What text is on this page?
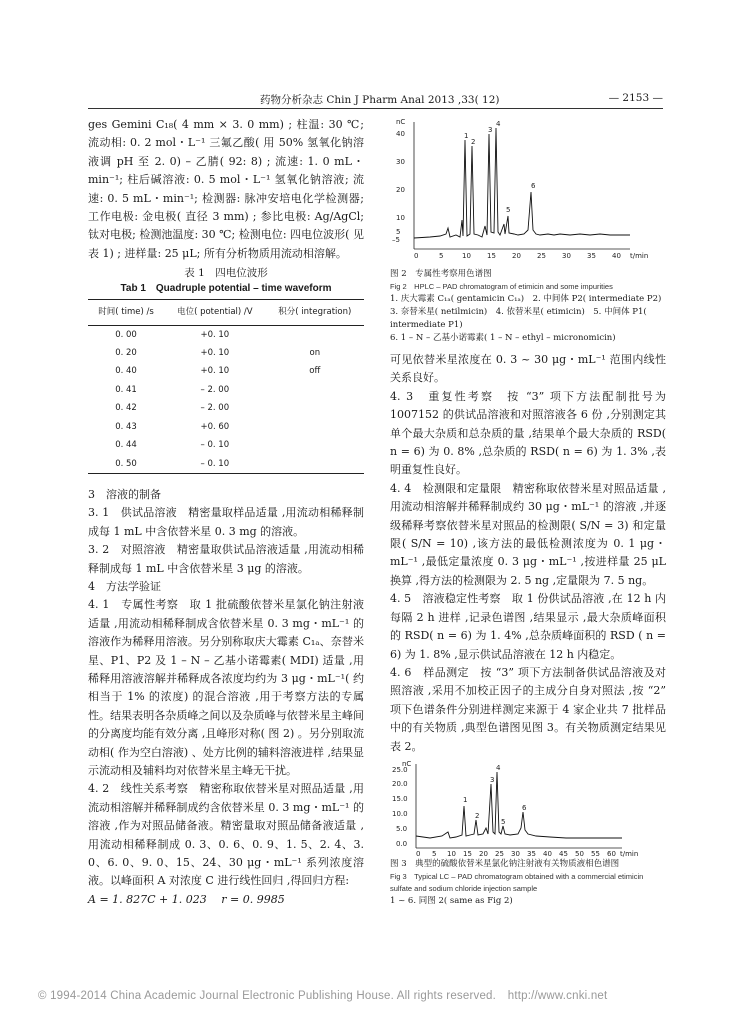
药物分析杂志 Chin J Pharm Anal 2013 ,33( 12)	— 2153 —

ges Gemini C₁₈( 4 mm × 3. 0 mm) ; 柱温: 30 ℃; 流动相: 0. 2 mol・L⁻¹ 三氟乙酸( 用 50% 氢氧化钠溶液调 pH 至 2. 0) – 乙腈( 92: 8) ; 流速: 1. 0 mL・min⁻¹; 柱后碱溶液: 0. 5 mol・L⁻¹ 氢氧化钠溶液; 流速: 0. 5 mL・min⁻¹; 检测器: 脉冲安培电化学检测器; 工作电极: 金电极( 直径 3 mm) ; 参比电极: Ag/AgCl; 钛对电极; 检测池温度: 30 ℃; 检测电位: 四电位波形( 见表 1) ; 进样量: 25 μL; 所有分析物质用流动相溶解。

表 1　四电位波形
Tab 1　Quadruple potential – time waveform
时间( time) /s	电位( potential) /V	积分( integration)
0. 00	+0. 10	
0. 20	+0. 10	on
0. 40	+0. 10	off
0. 41	– 2. 00	
0. 42	– 2. 00	
0. 43	+0. 60	
0. 44	– 0. 10	
0. 50	– 0. 10	

3　溶液的制备

3. 1　供试品溶液　精密量取样品适量 ,用流动相稀释制成每 1 mL 中含依替米星 0. 3 mg 的溶液。

3. 2　对照溶液　精密量取供试品溶液适量 ,用流动相稀释制成每 1 mL 中含依替米星 3 μg 的溶液。

4　方法学验证

4. 1　专属性考察　取 1 批硫酸依替米星氯化钠注射液适量 ,用流动相稀释制成含依替米星 0. 3 mg・mL⁻¹ 的溶液作为稀释用溶液。另分别称取庆大霉素 C₁ₐ、奈替米星、P1、P2 及 1 – N – 乙基小诺霉素( MDI) 适量 ,用稀释用溶液溶解并稀释成各浓度均约为 3 μg・mL⁻¹( 约相当于 1% 的浓度) 的混合溶液 ,用于考察方法的专属性。结果表明各杂质峰之间以及杂质峰与依替米星主峰间的分离度均能有效分离 ,且峰形对称( 图 2) 。另分别取流动相( 作为空白溶液) 、处方比例的辅料溶液进样 ,结果显示流动相及辅料均对依替米星主峰无干扰。

4. 2　线性关系考察　精密称取依替米星对照品适量 ,用流动相溶解并稀释制成约含依替米星 0. 3 mg・mL⁻¹ 的溶液 ,作为对照品储备液。精密量取对照品储备液适量 ,用流动相稀释制成 0. 3、0. 6、0. 9、1. 5、2. 4、3. 0、6. 0、9. 0、15、24、30 μg・mL⁻¹ 系列浓度溶液。以峰面积 A 对浓度 C 进行线性回归 ,得回归方程:

A = 1. 827C + 1. 023　 r = 0. 9985

nC
40
30
20
10
5
–5
0	5	10 15 20 25 30 35 40 t/min
1
2
3
4
5
6
图 2　专属性考察用色谱图
Fig 2　HPLC – PAD chromatogram of etimicin and some impurities
1. 庆大霉素 C₁ₐ( gentamicin C₁ₐ)　2. 中间体 P2( intermediate P2)　3. 奈替米星( netilmicin)　4. 依替米星( etimicin)　5. 中间体 P1( intermediate P1)
6. 1 – N – 乙基小诺霉素( 1 – N – ethyl – micronomicin)

可见依替米星浓度在 0. 3 ~ 30 μg・mL⁻¹ 范围内线性关系良好。

4. 3　重复性考察　按 “3” 项下方法配制批号为 1007152 的供试品溶液和对照溶液各 6 份 ,分别测定其单个最大杂质和总杂质的量 ,结果单个最大杂质的 RSD( n = 6) 为 0. 8% ,总杂质的 RSD( n = 6) 为 1. 3% ,表明重复性良好。

4. 4　检测限和定量限　精密称取依替米星对照品适量 ,用流动相溶解并稀释制成约 30 μg・mL⁻¹ 的溶液 ,并逐级稀释考察依替米星对照品的检测限( S/N = 3) 和定量限( S/N = 10) ,该方法的最低检测浓度为 0. 1 μg・mL⁻¹ ,最低定量浓度 0. 3 μg・mL⁻¹ ,按进样量 25 μL 换算 ,得方法的检测限为 2. 5 ng ,定量限为 7. 5 ng。

4. 5　溶液稳定性考察　取 1 份供试品溶液 ,在 12 h 内每隔 2 h 进样 ,记录色谱图 ,结果显示 ,最大杂质峰面积的 RSD( n = 6) 为 1. 4% ,总杂质峰面积的 RSD ( n = 6) 为 1. 8% ,显示供试品溶液在 12 h 内稳定。

4. 6　样品测定　按 “3” 项下方法制备供试品溶液及对照溶液 ,采用不加校正因子的主成分自身对照法 ,按 “2” 项下色谱条件分别进样测定来源于 4 家企业共 7 批样品中的有关物质 ,典型色谱图见图 3。有关物质测定结果见表 2。

nC
25.0
20.0
15.0
10.0
5.0
0.0
0 5 10 15 20 25 30 35 40 45 50 55 60 t/min
1
2
3
4
5
6
图 3　典型的硫酸依替米星氯化钠注射液有关物质液相色谱图
Fig 3　Typical LC – PAD chromatogram obtained with a commercial etimicin sulfate and sodium chloride injection sample
1 ~ 6. 同图 2( same as Fig 2)
© 1994-2014 China Academic Journal Electronic Publishing House. All rights reserved.　http://www.cnki.net
